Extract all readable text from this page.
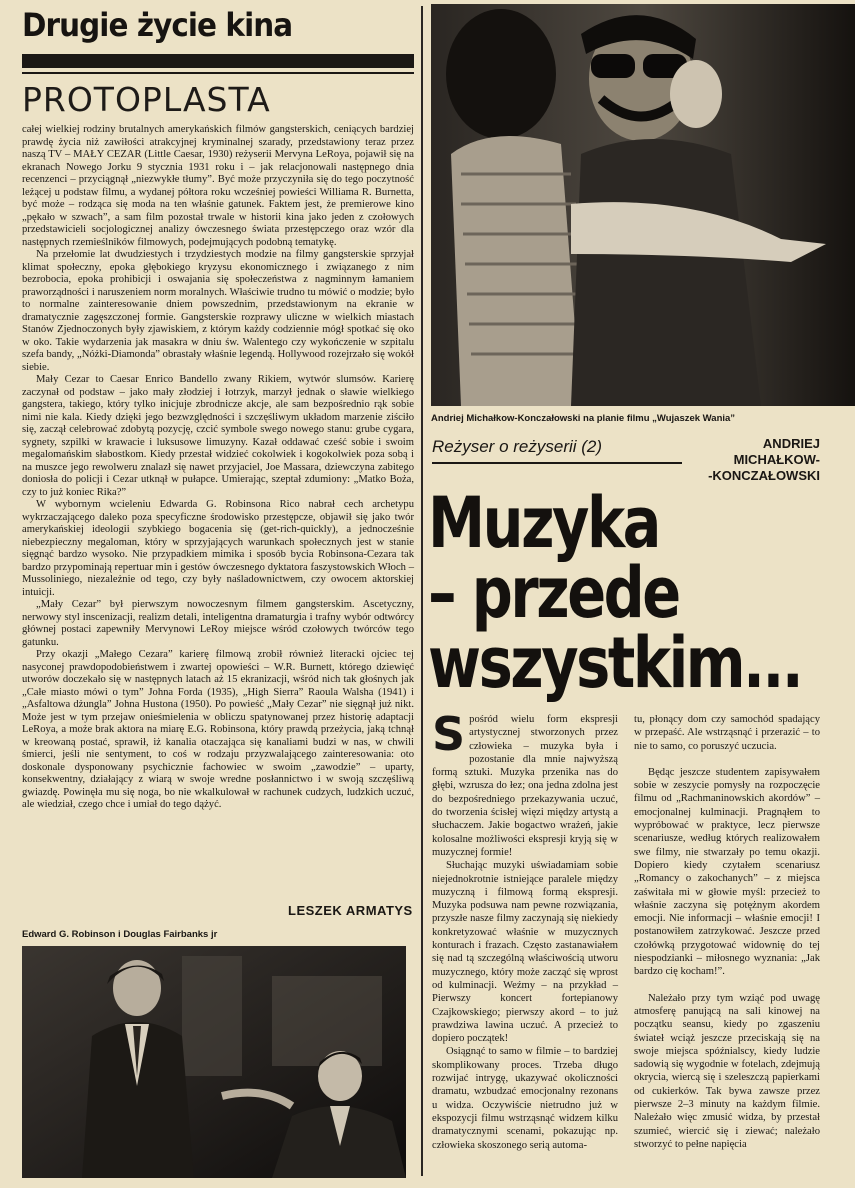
Drugie życie kina
PROTOPLASTA

całej wielkiej rodziny brutalnych amerykańskich filmów gangsterskich, ceniących bardziej prawdę życia niż zawiłości atrakcyjnej kryminalnej szarady, przedstawiony teraz przez naszą TV – MAŁY CEZAR (Little Caesar, 1930) reżyserii Mervyna LeRoya, pojawił się na ekranach Nowego Jorku 9 stycznia 1931 roku i – jak relacjonowali następnego dnia recenzenci – przyciągnął „niezwykłe tłumy”. Być może przyczyniła się do tego poczytność leżącej u podstaw filmu, a wydanej półtora roku wcześniej powieści Williama R. Burnetta, być może – rodząca się moda na ten właśnie gatunek. Faktem jest, że premierowe kino „pękało w szwach”, a sam film pozostał trwale w historii kina jako jeden z czołowych przedstawicieli socjologicznej analizy ówczesnego świata przestępczego oraz wzór dla następnych rzemieślników filmowych, podejmujących podobną tematykę.

Na przełomie lat dwudziestych i trzydziestych modzie na filmy gangsterskie sprzyjał klimat społeczny, epoka głębokiego kryzysu ekonomicznego i związanego z nim bezrobocia, epoka prohibicji i oswajania się społeczeństwa z nagminnym łamaniem praworządności i naruszeniem norm moralnych. Właściwie trudno tu mówić o modzie; było to normalne zainteresowanie dniem powszednim, przedstawionym na ekranie w dramatycznie zagęszczonej formie. Gangsterskie rozprawy uliczne w wielkich miastach Stanów Zjednoczonych były zjawiskiem, z którym każdy codziennie mógł spotkać się oko w oko. Takie wydarzenia jak masakra w dniu św. Walentego czy wykończenie w szpitalu szefa bandy, „Nóżki-Diamonda” obrastały właśnie legendą. Hollywood rozejrzało się wokół siebie.

Mały Cezar to Caesar Enrico Bandello zwany Rikiem, wytwór slumsów. Karierę zaczynał od podstaw – jako mały złodziej i łotrzyk, marzył jednak o sławie wielkiego gangstera, takiego, który tylko inicjuje zbrodnicze akcje, ale sam bezpośrednio rąk sobie nimi nie kala. Kiedy dzięki jego bezwzględności i szczęśliwym układom marzenie ziściło się, zaczął celebrować zdobytą pozycję, czcić symbole swego nowego stanu: grube cygara, sygnety, szpilki w krawacie i luksusowe limuzyny. Kazał oddawać cześć sobie i swoim megalomańskim słabostkom. Kiedy przestał widzieć cokolwiek i kogokolwiek poza sobą i na muszce jego rewolweru znalazł się nawet przyjaciel, Joe Massara, dziewczyna zabitego doniosła do policji i Cezar utknął w pułapce. Umierając, szeptał zdumiony: „Matko Boża, czy to już koniec Rika?”

W wybornym wcieleniu Edwarda G. Robinsona Rico nabrał cech archetypu wykrzaczającego daleko poza specyficzne środowisko przestępcze, objawił się jako twór amerykańskiej ideologii szybkiego bogacenia się (get-rich-quickly), a jednocześnie niebezpieczny megaloman, który w sprzyjających warunkach społecznych jest w stanie sięgnąć bardzo wysoko. Nie przypadkiem mimika i sposób bycia Robinsona-Cezara tak bardzo przypominają repertuar min i gestów ówczesnego dyktatora faszystowskich Włoch – Mussoliniego, niezależnie od tego, czy były naśladownictwem, czy owocem aktorskiej intuicji.

„Mały Cezar” był pierwszym nowoczesnym filmem gangsterskim. Ascetyczny, nerwowy styl inscenizacji, realizm detali, inteligentna dramaturgia i trafny wybór odtwórcy głównej postaci zapewniły Mervynowi LeRoy miejsce wśród czołowych twórców tego gatunku.

Przy okazji „Małego Cezara” karierę filmową zrobił również literacki ojciec tej nasyconej prawdopodobieństwem i zwartej opowieści – W.R. Burnett, którego dziewięć utworów doczekało się w następnych latach aż 15 ekranizacji, wśród nich tak głośnych jak „Całe miasto mówi o tym” Johna Forda (1935), „High Sierra” Raoula Walsha (1941) i „Asfaltowa dżungla” Johna Hustona (1950). Po powieść „Mały Cezar” nie sięgnął już nikt. Może jest w tym przejaw onieśmielenia w obliczu spatynowanej przez historię adaptacji LeRoya, a może brak aktora na miarę E.G. Robinsona, który prawdą przeżycia, jaką tchnął w kreowaną postać, sprawił, iż kanalia otaczająca się kanaliami budzi w nas, w chwili śmierci, jeśli nie sentyment, to coś w rodzaju przyzwalającego zainteresowania: oto doskonale dysponowany psychicznie fachowiec w swoim „zawodzie” – uparty, konsekwentny, działający z wiarą w swoje wredne posłannictwo i w swoją szczęśliwą gwiazdę. Powinęła mu się noga, bo nie wkalkulował w rachunek cudzych, ludzkich uczuć, ale wiedział, czego chce i umiał do tego dążyć.

LESZEK ARMATYS
Edward G. Robinson i Douglas Fairbanks jr
Andriej Michałkow-Konczałowski na planie filmu „Wujaszek Wania”
Reżyser o reżyserii (2)	ANDRIEJ
MICHAŁKOW-
-KONCZAŁOWSKI
Muzyka
– przede
wszystkim...

Spośród wielu form ekspresji artystycznej stworzonych przez człowieka – muzyka była i pozostanie dla mnie najwyższą formą sztuki. Muzyka przenika nas do głębi, wzrusza do łez; ona jedna zdolna jest do bezpośredniego przekazywania uczuć, do tworzenia ścisłej więzi między artystą a słuchaczem. Jakie bogactwo wrażeń, jakie kolosalne możliwości ekspresji kryją się w muzycznej formie!

Słuchając muzyki uświadamiam sobie niejednokrotnie istniejące paralele między muzyczną i filmową formą ekspresji. Muzyka podsuwa nam pewne rozwiązania, przyszłe nasze filmy zaczynają się niekiedy konkretyzować właśnie w muzycznych konturach i frazach. Często zastanawiałem się nad tą szczególną właściwością utworu muzycznego, który może zacząć się wprost od kulminacji. Weźmy – na przykład – Pierwszy koncert fortepianowy Czajkowskiego; pierwszy akord – to już prawdziwa lawina uczuć. A przecież to dopiero początek!

Osiągnąć to samo w filmie – to bardziej skomplikowany proces. Trzeba długo rozwijać intrygę, ukazywać okoliczności dramatu, wzbudzać emocjonalny rezonans u widza. Oczywiście nietrudno już w ekspozycji filmu wstrząsnąć widzem kilku dramatycznymi scenami, pokazując np. człowieka skoszonego serią automa-

tu, płonący dom czy samochód spadający w przepaść. Ale wstrząsnąć i przerazić – to nie to samo, co poruszyć uczucia.

Będąc jeszcze studentem zapisywałem sobie w zeszycie pomysły na rozpoczęcie filmu od „Rachmaninowskich akordów” – emocjonalnej kulminacji. Pragnąłem to wypróbować w praktyce, lecz pierwsze scenariusze, według których realizowałem swe filmy, nie stwarzały po temu okazji. Dopiero kiedy czytałem scenariusz „Romancy o zakochanych” – z miejsca zaświtała mi w głowie myśl: przecież to właśnie zaczyna się potężnym akordem emocji. Nie informacji – właśnie emocji! I postanowiłem zatrzykować. Jeszcze przed czołówką przygotować widownię do tej niespodzianki – miłosnego wyznania: „Jak bardzo cię kocham!”.

Należało przy tym wziąć pod uwagę atmosferę panującą na sali kinowej na początku seansu, kiedy po zgaszeniu świateł wciąż jeszcze przeciskają się na swoje miejsca spóźnialscy, kiedy ludzie sadowią się wygodnie w fotelach, zdejmują okrycia, wiercą się i szeleszczą papierkami od cukierków. Tak bywa zawsze przez pierwsze 2–3 minuty na każdym filmie. Należało więc zmusić widza, by przestał szumieć, wiercić się i ziewać; należało stworzyć to pełne napięcia
